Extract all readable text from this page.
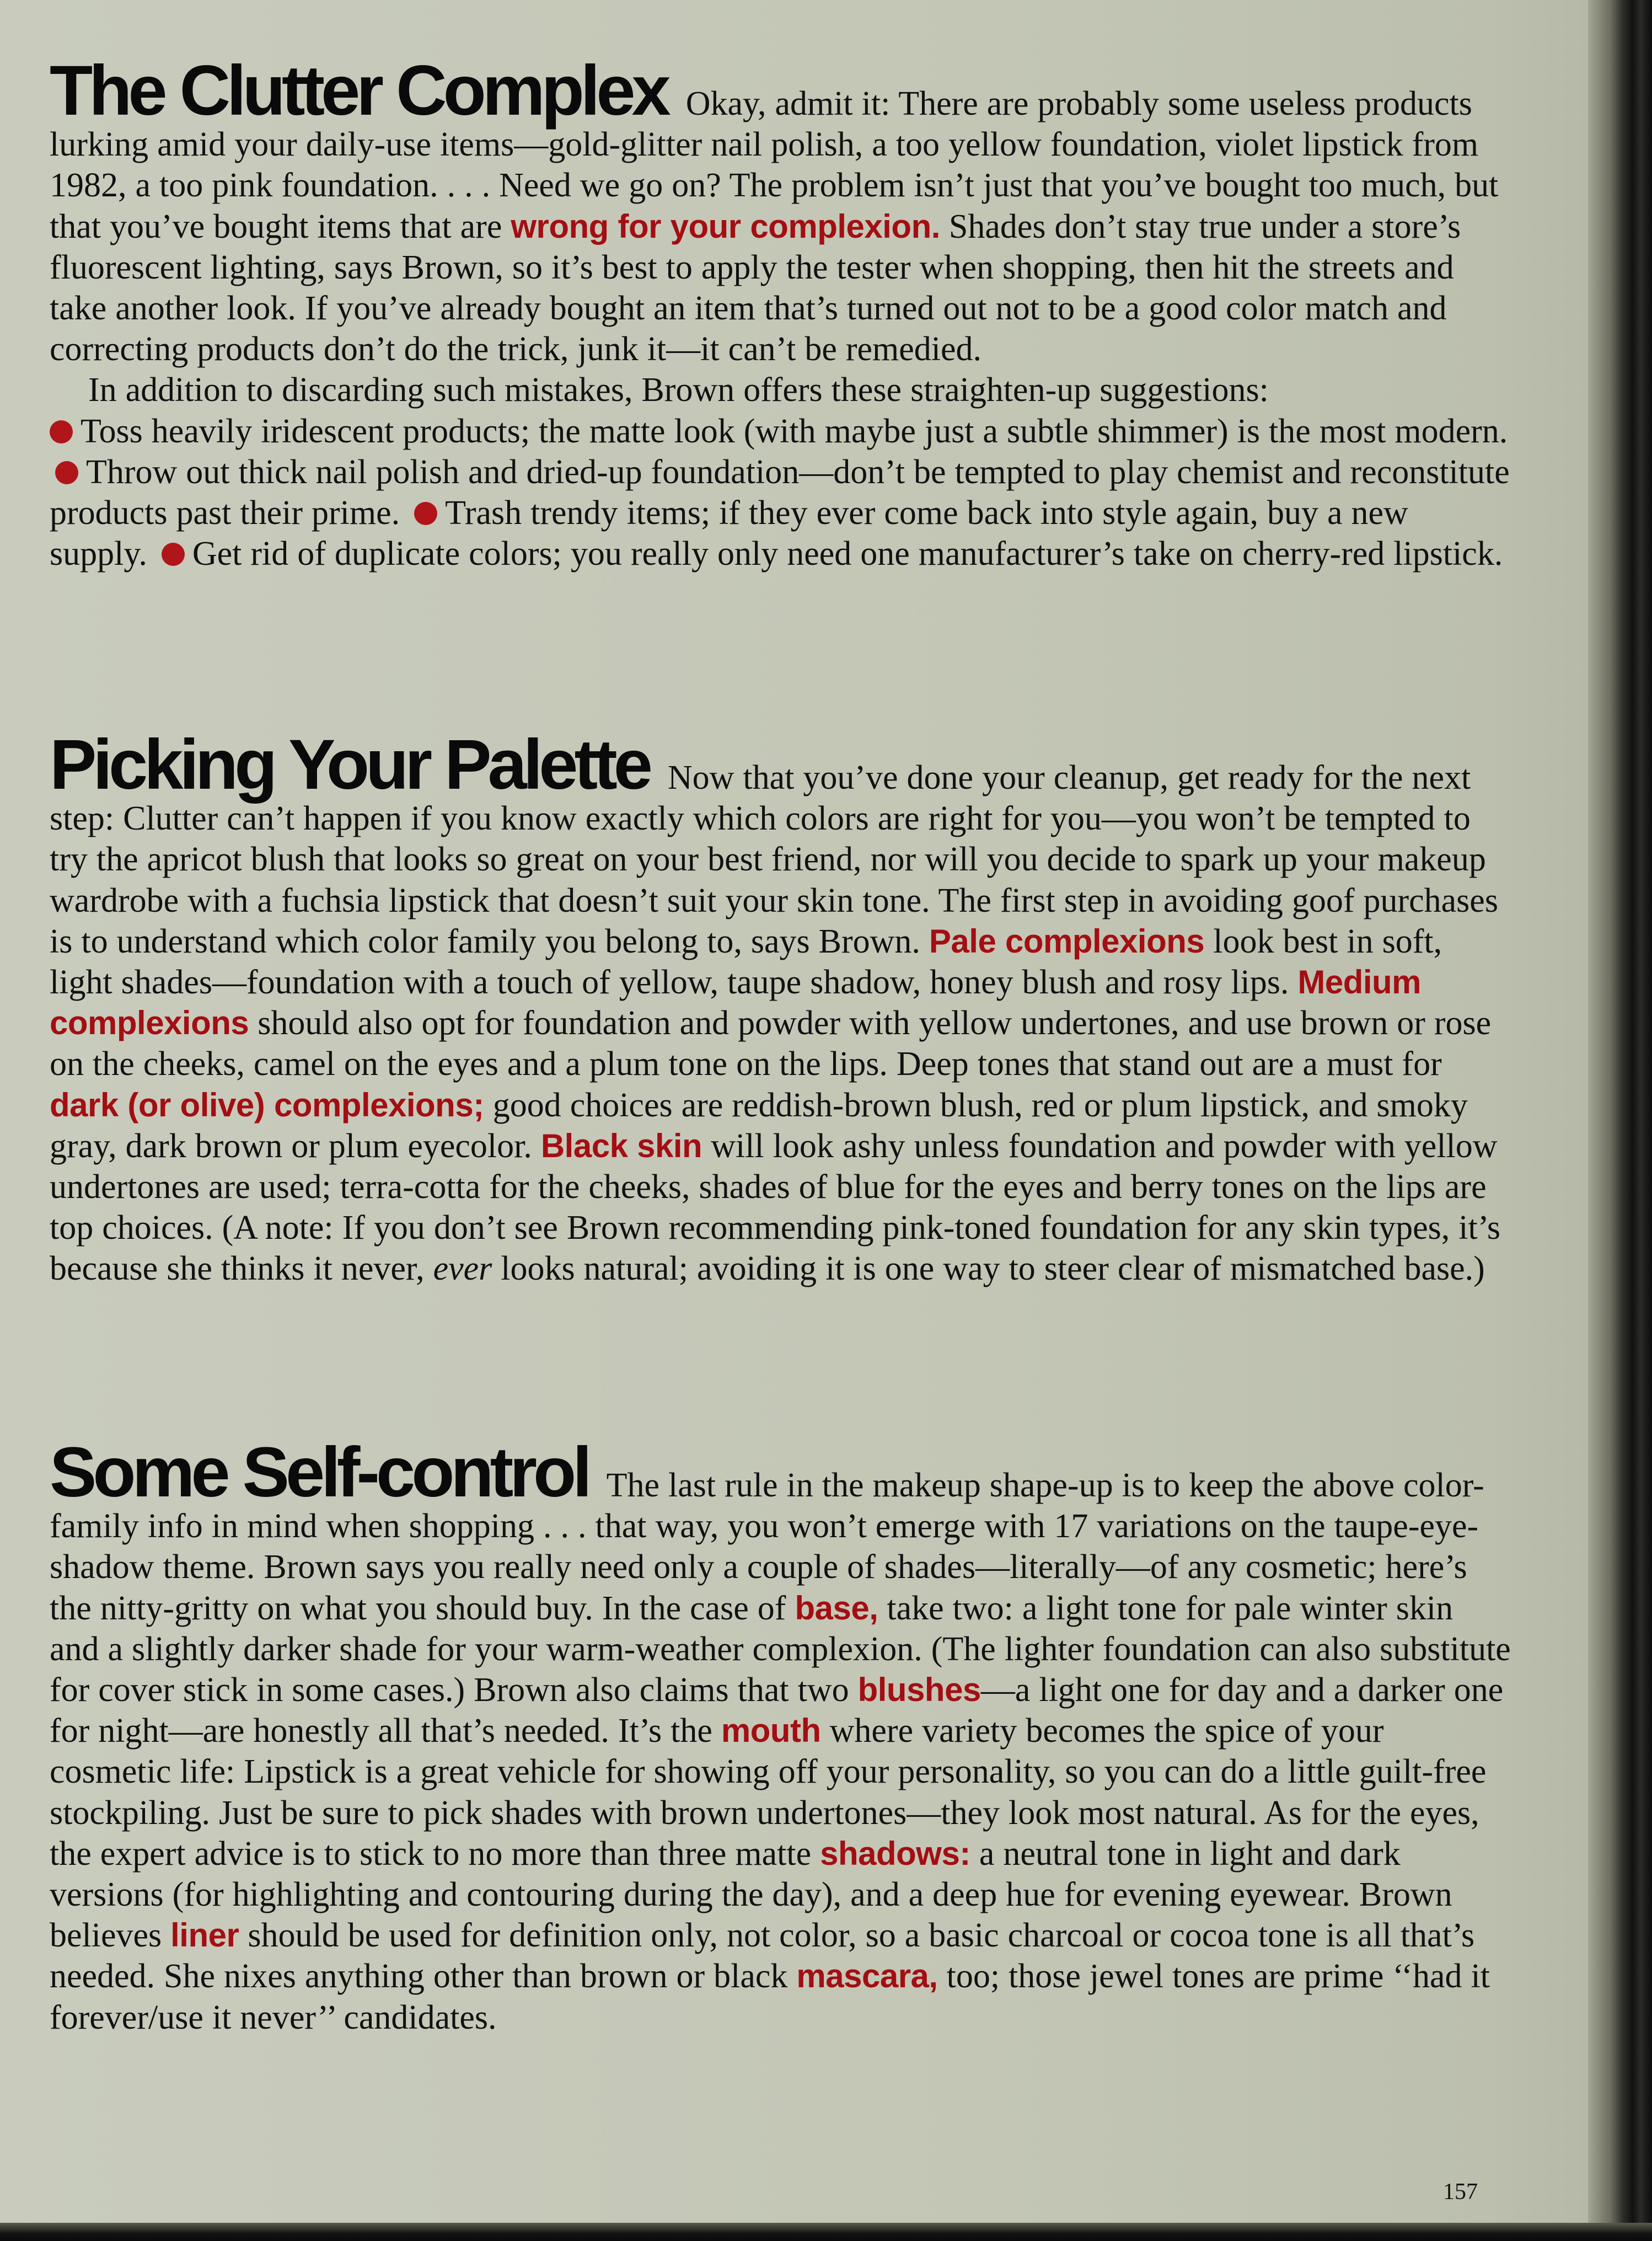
The Clutter Complex Okay, admit it: There are probably some useless products lurking amid your daily-use items—gold-glitter nail polish, a too yellow foundation, violet lipstick from 1982, a too pink foundation. . . . Need we go on? The problem isn’t just that you’ve bought too much, but that you’ve bought items that are wrong for your complexion. Shades don’t stay true under a store’s fluorescent lighting, says Brown, so it’s best to apply the tester when shopping, then hit the streets and take another look. If you’ve already bought an item that’s turned out not to be a good color match and correcting products don’t do the trick, junk it—it can’t be remedied.
In addition to discarding such mistakes, Brown offers these straighten-up suggestions:
Toss heavily iridescent products; the matte look (with maybe just a subtle shimmer) is the most modern. Throw out thick nail polish and dried-up foundation—don’t be tempted to play chemist and reconstitute products past their prime. Trash trendy items; if they ever come back into style again, buy a new supply. Get rid of duplicate colors; you really only need one manufacturer’s take on cherry-red lipstick.
Picking Your Palette Now that you’ve done your cleanup, get ready for the next step: Clutter can’t happen if you know exactly which colors are right for you—you won’t be tempted to try the apricot blush that looks so great on your best friend, nor will you decide to spark up your makeup wardrobe with a fuchsia lipstick that doesn’t suit your skin tone. The first step in avoiding goof purchases is to understand which color family you belong to, says Brown. Pale complexions look best in soft, light shades—foundation with a touch of yellow, taupe shadow, honey blush and rosy lips. Medium complexions should also opt for foundation and powder with yellow undertones, and use brown or rose on the cheeks, camel on the eyes and a plum tone on the lips. Deep tones that stand out are a must for dark (or olive) complexions; good choices are reddish-brown blush, red or plum lipstick, and smoky gray, dark brown or plum eyecolor. Black skin will look ashy unless foundation and powder with yellow undertones are used; terra-cotta for the cheeks, shades of blue for the eyes and berry tones on the lips are top choices. (A note: If you don’t see Brown recommending pink-toned foundation for any skin types, it’s because she thinks it never, ever looks natural; avoiding it is one way to steer clear of mismatched base.)
Some Self-control The last rule in the makeup shape-up is to keep the above color-family info in mind when shopping . . . that way, you won’t emerge with 17 variations on the taupe-eye-shadow theme. Brown says you really need only a couple of shades—literally—of any cosmetic; here’s the nitty-gritty on what you should buy. In the case of base, take two: a light tone for pale winter skin and a slightly darker shade for your warm-weather complexion. (The lighter foundation can also substitute for cover stick in some cases.) Brown also claims that two blushes—a light one for day and a darker one for night—are honestly all that’s needed. It’s the mouth where variety becomes the spice of your cosmetic life: Lipstick is a great vehicle for showing off your personality, so you can do a little guilt-free stockpiling. Just be sure to pick shades with brown undertones—they look most natural. As for the eyes, the expert advice is to stick to no more than three matte shadows: a neutral tone in light and dark versions (for highlighting and contouring during the day), and a deep hue for evening eyewear. Brown believes liner should be used for definition only, not color, so a basic charcoal or cocoa tone is all that’s needed. She nixes anything other than brown or black mascara, too; those jewel tones are prime ‘‘had it forever/use it never’’ candidates.

157
